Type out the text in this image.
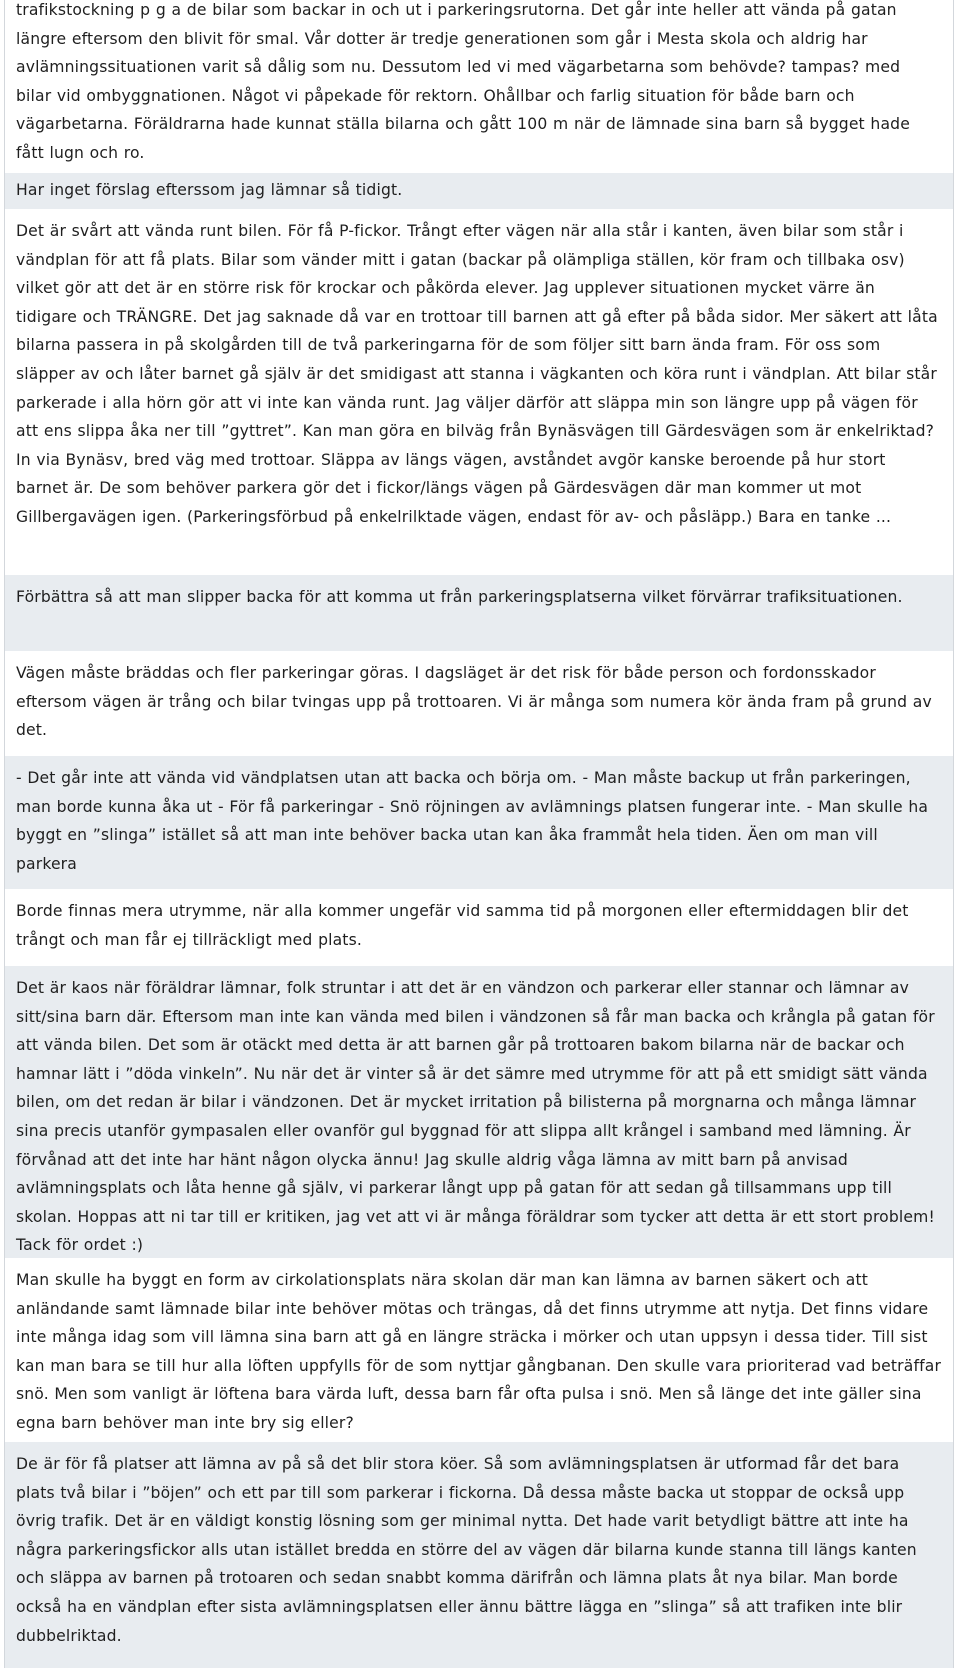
trafikstockning p g a de bilar som backar in och ut i parkeringsrutorna. Det går inte heller att vända på gatan längre eftersom den blivit för smal. Vår dotter är tredje generationen som går i Mesta skola och aldrig har avlämningssituationen varit så dålig som nu. Dessutom led vi med vägarbetarna som behövde? tampas? med bilar vid ombyggnationen. Något vi påpekade för rektorn. Ohållbar och farlig situation för både barn och vägarbetarna. Föräldrarna hade kunnat ställa bilarna och gått 100 m när de lämnade sina barn så bygget hade fått lugn och ro.
Har inget förslag efterssom jag lämnar så tidigt.
Det är svårt att vända runt bilen. För få P-fickor. Trångt efter vägen när alla står i kanten, även bilar som står i vändplan för att få plats. Bilar som vänder mitt i gatan (backar på olämpliga ställen, kör fram och tillbaka osv) vilket gör att det är en större risk för krockar och påkörda elever. Jag upplever situationen mycket värre än tidigare och TRÄNGRE. Det jag saknade då var en trottoar till barnen att gå efter på båda sidor. Mer säkert att låta bilarna passera in på skolgården till de två parkeringarna för de som följer sitt barn ända fram. För oss som släpper av och låter barnet gå själv är det smidigast att stanna i vägkanten och köra runt i vändplan. Att bilar står parkerade i alla hörn gör att vi inte kan vända runt. Jag väljer därför att släppa min son längre upp på vägen för att ens slippa åka ner till ”gyttret”. Kan man göra en bilväg från Bynäsvägen till Gärdesvägen som är enkelriktad? In via Bynäsv, bred väg med trottoar. Släppa av längs vägen, avståndet avgör kanske beroende på hur stort barnet är. De som behöver parkera gör det i fickor/längs vägen på Gärdesvägen där man kommer ut mot Gillbergavägen igen. (Parkeringsförbud på enkelrilktade vägen, endast för av- och påsläpp.) Bara en tanke ...
Förbättra så att man slipper backa för att komma ut från parkeringsplatserna vilket förvärrar trafiksituationen.
Vägen måste bräddas och fler parkeringar göras. I dagsläget är det risk för både person och fordonsskador eftersom vägen är trång och bilar tvingas upp på trottoaren. Vi är många som numera kör ända fram på grund av det.
- Det går inte att vända vid vändplatsen utan att backa och börja om. - Man måste backup ut från parkeringen, man borde kunna åka ut - För få parkeringar - Snö röjningen av avlämnings platsen fungerar inte. - Man skulle ha byggt en ”slinga” istället så att man inte behöver backa utan kan åka frammåt hela tiden. Äen om man vill parkera
Borde finnas mera utrymme, när alla kommer ungefär vid samma tid på morgonen eller eftermiddagen blir det trångt och man får ej tillräckligt med plats.
Det är kaos när föräldrar lämnar, folk struntar i att det är en vändzon och parkerar eller stannar och lämnar av sitt/sina barn där. Eftersom man inte kan vända med bilen i vändzonen så får man backa och krångla på gatan för att vända bilen. Det som är otäckt med detta är att barnen går på trottoaren bakom bilarna när de backar och hamnar lätt i ”döda vinkeln”. Nu när det är vinter så är det sämre med utrymme för att på ett smidigt sätt vända bilen, om det redan är bilar i vändzonen. Det är mycket irritation på bilisterna på morgnarna och många lämnar sina precis utanför gympasalen eller ovanför gul byggnad för att slippa allt krångel i samband med lämning. Är förvånad att det inte har hänt någon olycka ännu! Jag skulle aldrig våga lämna av mitt barn på anvisad avlämningsplats och låta henne gå själv, vi parkerar långt upp på gatan för att sedan gå tillsammans upp till skolan. Hoppas att ni tar till er kritiken, jag vet att vi är många föräldrar som tycker att detta är ett stort problem! Tack för ordet :)
Man skulle ha byggt en form av cirkolationsplats nära skolan där man kan lämna av barnen säkert och att anländande samt lämnade bilar inte behöver mötas och trängas, då det finns utrymme att nytja. Det finns vidare inte många idag som vill lämna sina barn att gå en längre sträcka i mörker och utan uppsyn i dessa tider. Till sist kan man bara se till hur alla löften uppfylls för de som nyttjar gångbanan. Den skulle vara prioriterad vad beträffar snö. Men som vanligt är löftena bara värda luft, dessa barn får ofta pulsa i snö. Men så länge det inte gäller sina egna barn behöver man inte bry sig eller?
De är för få platser att lämna av på så det blir stora köer. Så som avlämningsplatsen är utformad får det bara plats två bilar i ”böjen” och ett par till som parkerar i fickorna. Då dessa måste backa ut stoppar de också upp övrig trafik. Det är en väldigt konstig lösning som ger minimal nytta. Det hade varit betydligt bättre att inte ha några parkeringsfickor alls utan istället bredda en större del av vägen där bilarna kunde stanna till längs kanten och släppa av barnen på trotoaren och sedan snabbt komma därifrån och lämna plats åt nya bilar. Man borde också ha en vändplan efter sista avlämningsplatsen eller ännu bättre lägga en ”slinga” så att trafiken inte blir dubbelriktad.
